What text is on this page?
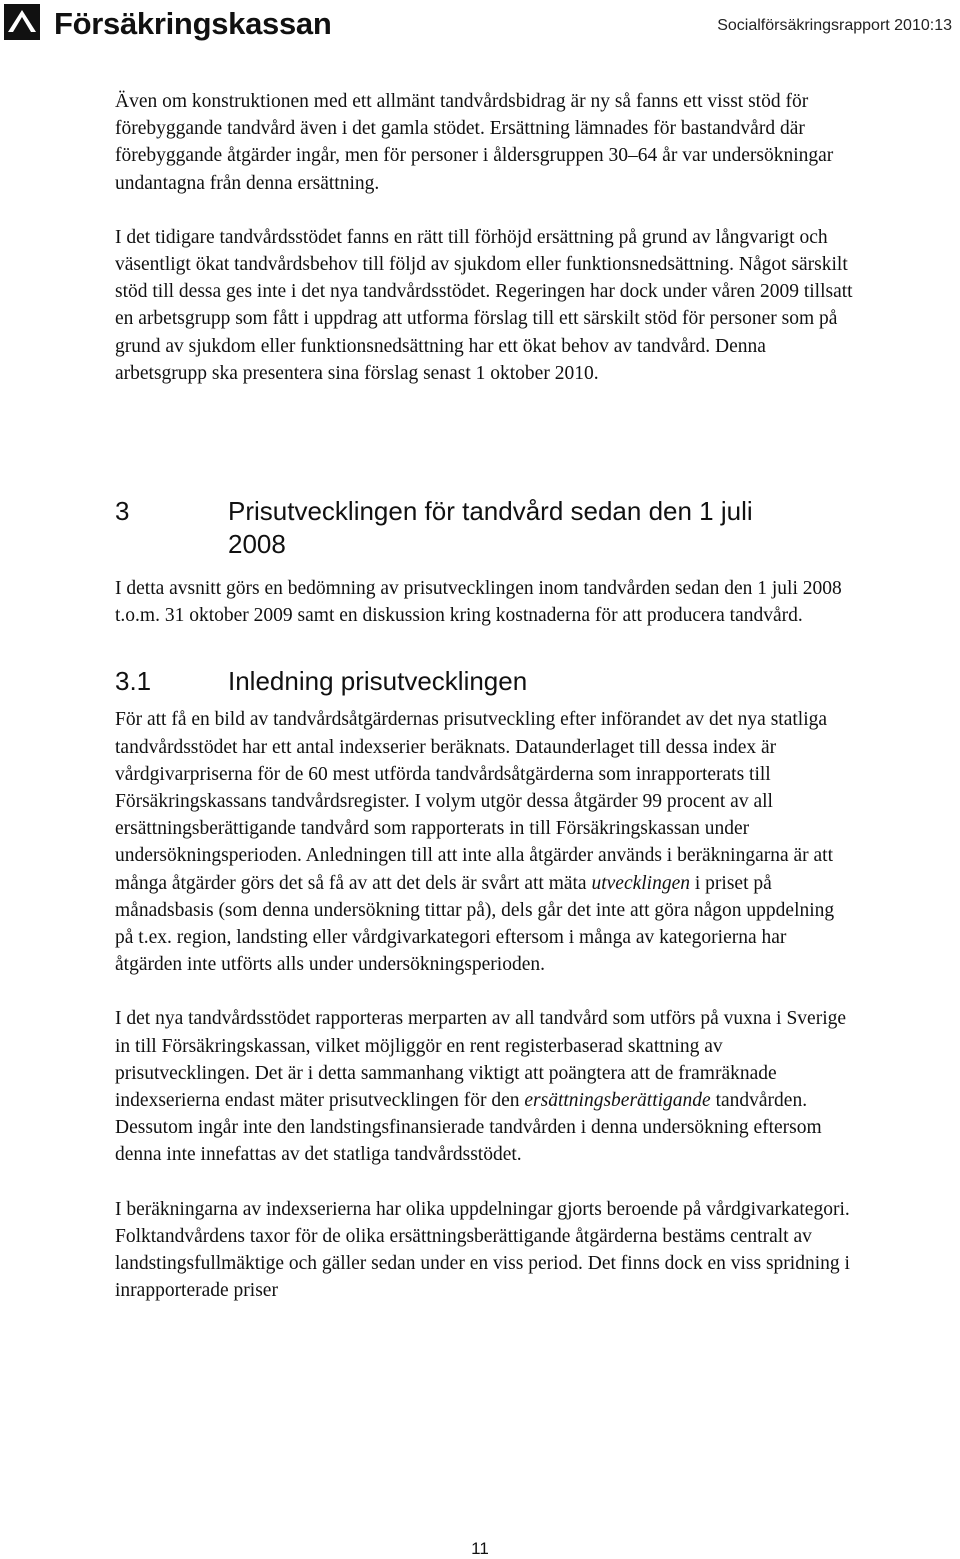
Försäkringskassan	Socialförsäkringsrapport 2010:13

Även om konstruktionen med ett allmänt tandvårdsbidrag är ny så fanns ett visst stöd för förebyggande tandvård även i det gamla stödet. Ersättning lämnades för bastandvård där förebyggande åtgärder ingår, men för personer i åldersgruppen 30–64 år var undersökningar undantagna från denna ersättning.

I det tidigare tandvårdsstödet fanns en rätt till förhöjd ersättning på grund av långvarigt och väsentligt ökat tandvårdsbehov till följd av sjukdom eller funktionsnedsättning. Något särskilt stöd till dessa ges inte i det nya tandvårdsstödet. Regeringen har dock under våren 2009 tillsatt en arbetsgrupp som fått i uppdrag att utforma förslag till ett särskilt stöd för personer som på grund av sjukdom eller funktionsnedsättning har ett ökat behov av tandvård. Denna arbetsgrupp ska presentera sina förslag senast 1 oktober 2010.

3	Prisutvecklingen för tandvård sedan den 1 juli 2008

I detta avsnitt görs en bedömning av prisutvecklingen inom tandvården sedan den 1 juli 2008 t.o.m. 31 oktober 2009 samt en diskussion kring kostnaderna för att producera tandvård.

3.1	Inledning prisutvecklingen

För att få en bild av tandvårdsåtgärdernas prisutveckling efter införandet av det nya statliga tandvårdsstödet har ett antal indexserier beräknats. Dataunderlaget till dessa index är vårdgivarpriserna för de 60 mest utförda tandvårdsåtgärderna som inrapporterats till Försäkringskassans tandvårdsregister. I volym utgör dessa åtgärder 99 procent av all ersättningsberättigande tandvård som rapporterats in till Försäkringskassan under undersökningsperioden. Anledningen till att inte alla åtgärder används i beräkningarna är att många åtgärder görs det så få av att det dels är svårt att mäta utvecklingen i priset på månadsbasis (som denna undersökning tittar på), dels går det inte att göra någon uppdelning på t.ex. region, landsting eller vårdgivarkategori eftersom i många av kategorierna har åtgärden inte utförts alls under undersökningsperioden.

I det nya tandvårdsstödet rapporteras merparten av all tandvård som utförs på vuxna i Sverige in till Försäkringskassan, vilket möjliggör en rent registerbaserad skattning av prisutvecklingen. Det är i detta sammanhang viktigt att poängtera att de framräknade indexserierna endast mäter prisutvecklingen för den ersättningsberättigande tandvården. Dessutom ingår inte den landstingsfinansierade tandvården i denna undersökning eftersom denna inte innefattas av det statliga tandvårdsstödet.

I beräkningarna av indexserierna har olika uppdelningar gjorts beroende på vårdgivarkategori. Folktandvårdens taxor för de olika ersättningsberättigande åtgärderna bestäms centralt av landstingsfullmäktige och gäller sedan under en viss period. Det finns dock en viss spridning i inrapporterade priser

11
